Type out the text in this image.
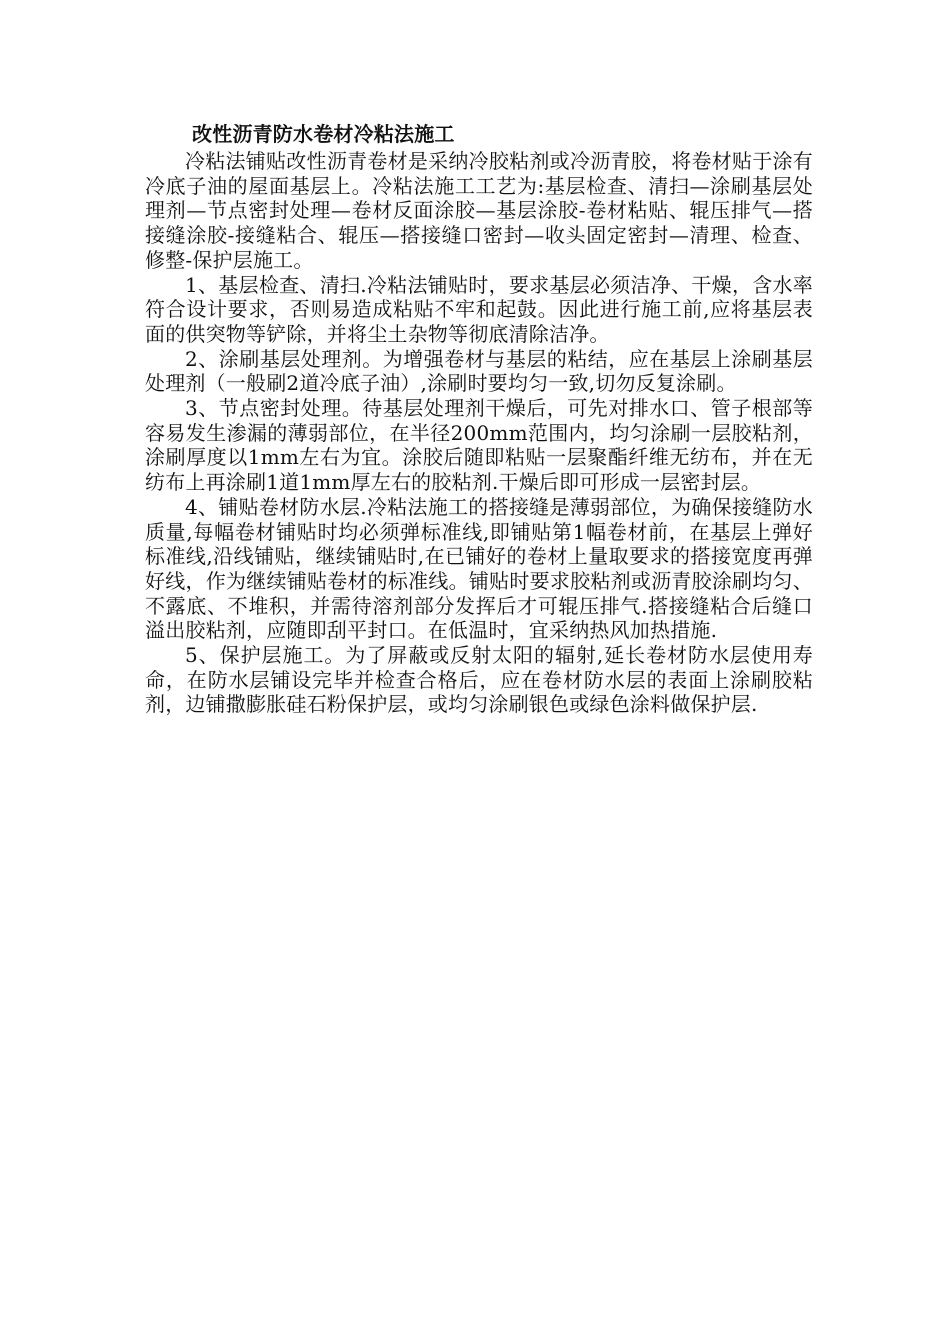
改性沥青防水卷材冷粘法施工

冷粘法铺贴改性沥青卷材是采纳冷胶粘剂或冷沥青胶，将卷材贴于涂有冷底子油的屋面基层上。冷粘法施工工艺为:基层检查、清扫—涂刷基层处理剂—节点密封处理—卷材反面涂胶—基层涂胶-卷材粘贴、辊压排气—搭接缝涂胶-接缝粘合、辊压—搭接缝口密封—收头固定密封—清理、检查、修整-保护层施工。

1、基层检查、清扫.冷粘法铺贴时，要求基层必须洁净、干燥，含水率符合设计要求，否则易造成粘贴不牢和起鼓。因此进行施工前,应将基层表面的供突物等铲除，并将尘土杂物等彻底清除洁净。

2、涂刷基层处理剂。为增强卷材与基层的粘结，应在基层上涂刷基层处理剂（一般刷2道冷底子油）,涂刷时要均匀一致,切勿反复涂刷。

3、节点密封处理。待基层处理剂干燥后，可先对排水口、管子根部等容易发生渗漏的薄弱部位，在半径200mm范围内，均匀涂刷一层胶粘剂，涂刷厚度以1mm左右为宜。涂胶后随即粘贴一层聚酯纤维无纺布，并在无纺布上再涂刷1道1mm厚左右的胶粘剂.干燥后即可形成一层密封层。

4、铺贴卷材防水层.冷粘法施工的搭接缝是薄弱部位，为确保接缝防水质量,每幅卷材铺贴时均必须弹标准线,即铺贴第1幅卷材前，在基层上弹好标准线,沿线铺贴，继续铺贴时,在已铺好的卷材上量取要求的搭接宽度再弹好线，作为继续铺贴卷材的标准线。铺贴时要求胶粘剂或沥青胶涂刷均匀、不露底、不堆积，并需待溶剂部分发挥后才可辊压排气.搭接缝粘合后缝口溢出胶粘剂，应随即刮平封口。在低温时，宜采纳热风加热措施.

5、保护层施工。为了屏蔽或反射太阳的辐射,延长卷材防水层使用寿命，在防水层铺设完毕并检查合格后，应在卷材防水层的表面上涂刷胶粘剂，边铺撒膨胀硅石粉保护层，或均匀涂刷银色或绿色涂料做保护层.
